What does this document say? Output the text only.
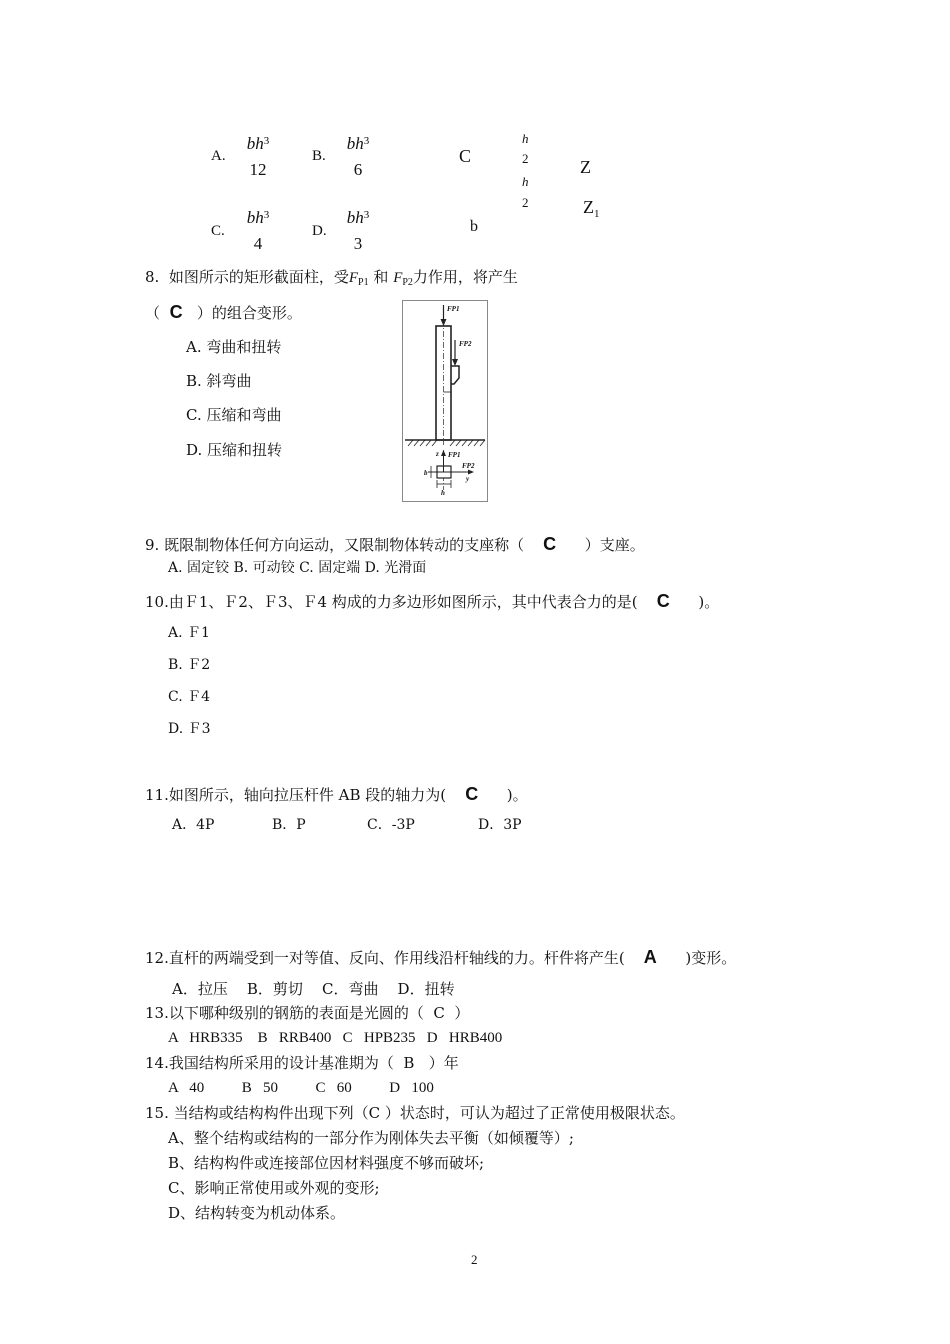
A.
$bh^3$
12
B.
$bh^3$
6
C.
$bh^3$
4
D.
$bh^3$
3
C
h
2
h
2
Z
$Z_1$
b
8. 如图所示的矩形截面柱，受$F_{P1}$ 和 $F_{P2}$力作用，将产生
（ C ）的组合变形。
A. 弯曲和扭转
B. 斜弯曲
C. 压缩和弯曲
D. 压缩和扭转
FP1
FP2
z FP1
FP2
y
h
b
9. 既限制物体任何方向运动，又限制物体转动的支座称（ C ）支座。
A. 固定铰 B. 可动铰 C. 固定端 D. 光滑面
10.由Ｆ1、Ｆ2、Ｆ3、Ｆ4 构成的力多边形如图所示，其中代表合力的是( C )。
A. Ｆ1
B. Ｆ2
C. Ｆ4
D. Ｆ3
11.如图所示，轴向拉压杆件 AB 段的轴力为( C )。
A．4P	B．P	C．-3P	D．3P
12.直杆的两端受到一对等值、反向、作用线沿杆轴线的力。杆件将产生( A )变形。
A．拉压    B．剪切    C．弯曲    D．扭转
13.以下哪种级别的钢筋的表面是光圆的（  C  ）
A   HRB335    B   RRB400   C   HPB235   D   HRB400
14.我国结构所采用的设计基准期为（  B   ）年
A   40          B   50          C   60          D   100
15. 当结构或结构构件出现下列（C ）状态时，可认为超过了正常使用极限状态。
A、整个结构或结构的一部分作为刚体失去平衡（如倾覆等）;
B、结构构件或连接部位因材料强度不够而破坏;
C、影响正常使用或外观的变形;
D、结构转变为机动体系。
2
